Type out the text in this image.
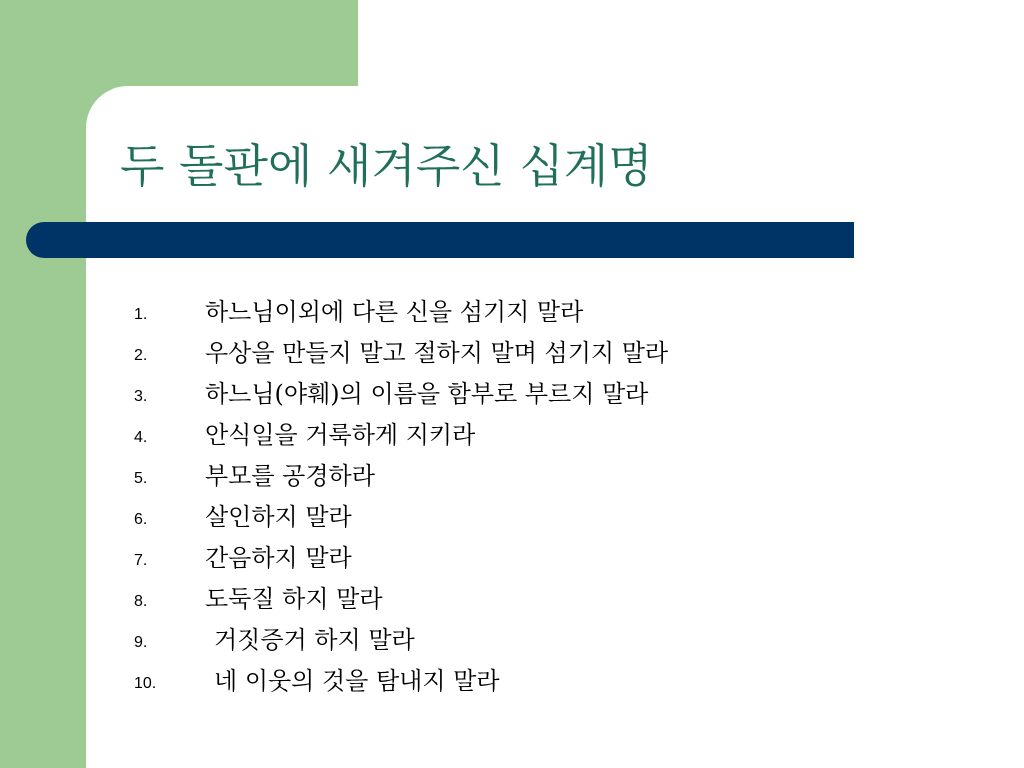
두 돌판에 새겨주신 십계명
1. 하느님이외에 다른 신을 섬기지 말라
2. 우상을 만들지 말고 절하지 말며 섬기지 말라
3. 하느님(야훼)의 이름을 함부로 부르지 말라
4. 안식일을 거룩하게 지키라
5. 부모를 공경하라
6. 살인하지 말라
7. 간음하지 말라
8. 도둑질 하지 말라
9.	거짓증거 하지 말라
10. 네 이웃의 것을 탐내지 말라
